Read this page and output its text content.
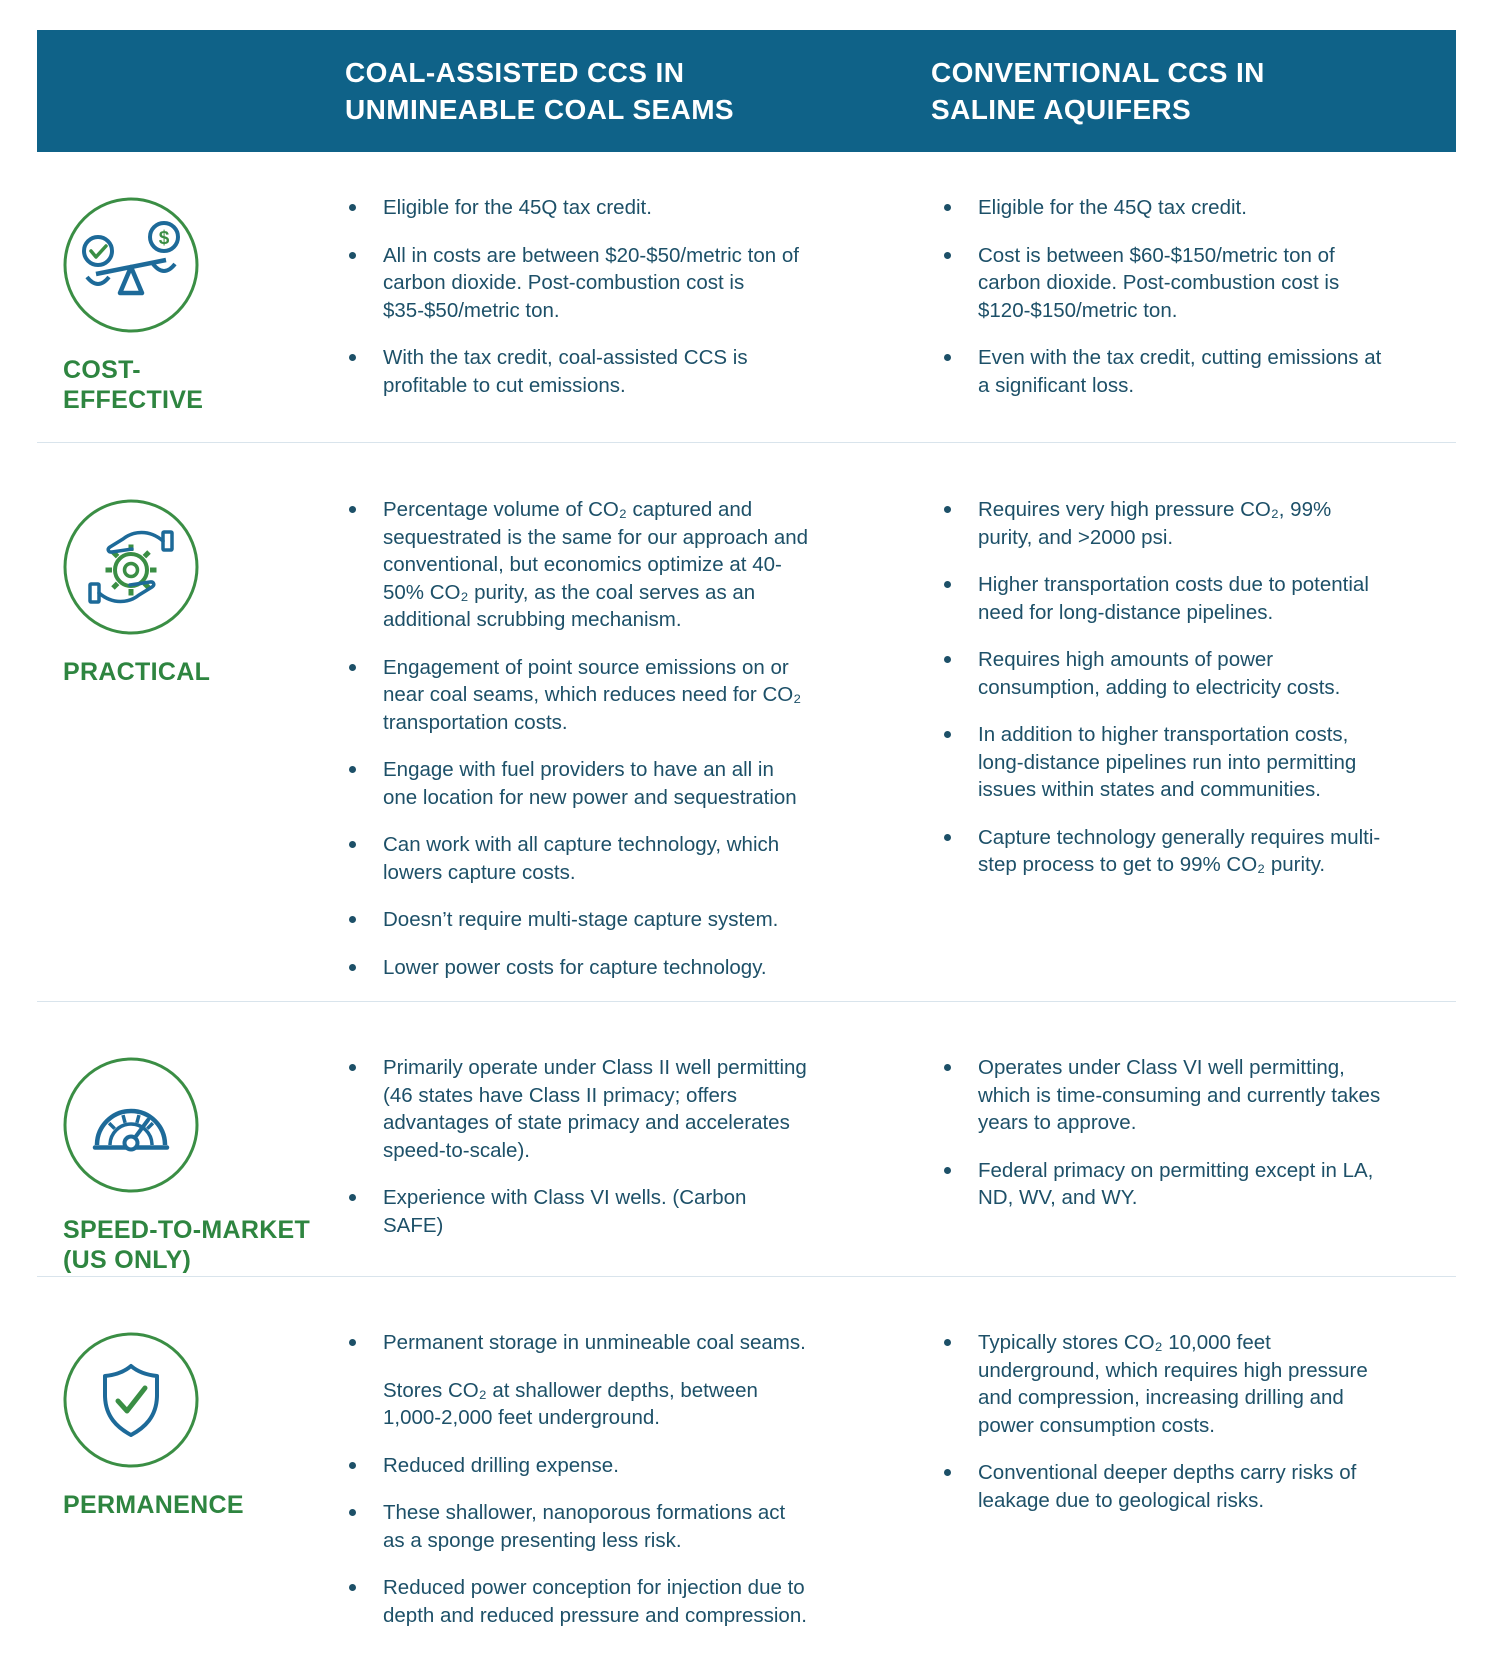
COAL-ASSISTED CCS IN
UNMINEABLE COAL SEAMS
CONVENTIONAL CCS IN
SALINE AQUIFERS
$
COST-
EFFECTIVE
Eligible for the 45Q tax credit.
All in costs are between $20-$50/metric ton of carbon dioxide. Post-combustion cost is $35-$50/metric ton.
With the tax credit, coal-assisted CCS is profitable to cut emissions.
Eligible for the 45Q tax credit.
Cost is between $60-$150/metric ton of carbon dioxide. Post-combustion cost is $120-$150/metric ton.
Even with the tax credit, cutting emissions at a significant loss.
PRACTICAL
Percentage volume of CO₂ captured and sequestrated is the same for our approach and conventional, but economics optimize at 40-50% CO₂ purity, as the coal serves as an additional scrubbing mechanism.
Engagement of point source emissions on or near coal seams, which reduces need for CO₂ transportation costs.
Engage with fuel providers to have an all in one location for new power and sequestration
Can work with all capture technology, which lowers capture costs.
Doesn’t require multi-stage capture system.
Lower power costs for capture technology.
Requires very high pressure CO₂, 99% purity, and >2000 psi.
Higher transportation costs due to potential need for long-distance pipelines.
Requires high amounts of power consumption, adding to electricity costs.
In addition to higher transportation costs, long-distance pipelines run into permitting issues within states and communities.
Capture technology generally requires multi-step process to get to 99% CO₂ purity.
SPEED-TO-MARKET
(US ONLY)
Primarily operate under Class II well permitting (46 states have Class II primacy; offers advantages of state primacy and accelerates speed-to-scale).
Experience with Class VI wells. (Carbon SAFE)
Operates under Class VI well permitting, which is time-consuming and currently takes years to approve.
Federal primacy on permitting except in LA, ND, WV, and WY.
PERMANENCE
Permanent storage in unmineable coal seams.
Stores CO₂ at shallower depths, between 1,000-2,000 feet underground.
Reduced drilling expense.
These shallower, nanoporous formations act as a sponge presenting less risk.
Reduced power conception for injection due to depth and reduced pressure and compression.
Typically stores CO₂ 10,000 feet underground, which requires high pressure and compression, increasing drilling and power consumption costs.
Conventional deeper depths carry risks of leakage due to geological risks.
